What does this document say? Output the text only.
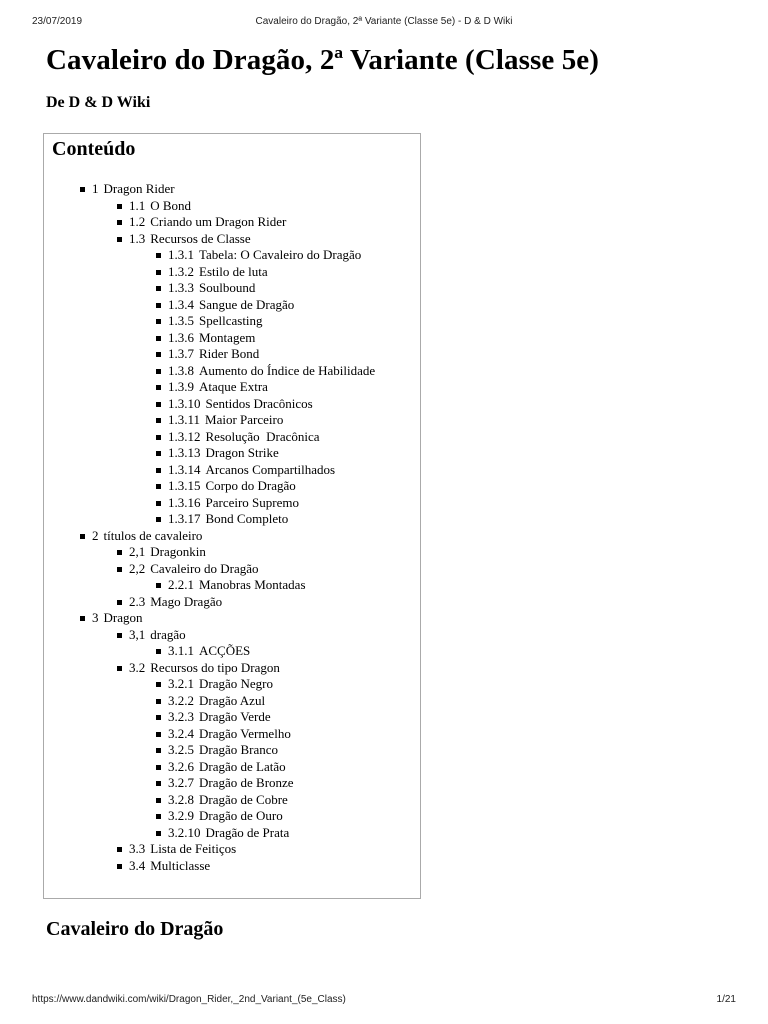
23/07/2019	Cavaleiro do Dragão, 2ª Variante (Classe 5e) - D & D Wiki
Cavaleiro do Dragão, 2ª Variante (Classe 5e)
De D & D Wiki
Conteúdo
1 Dragon Rider
1.1 O Bond
1.2 Criando um Dragon Rider
1.3 Recursos de Classe
1.3.1 Tabela: O Cavaleiro do Dragão
1.3.2 Estilo de luta
1.3.3 Soulbound
1.3.4 Sangue de Dragão
1.3.5 Spellcasting
1.3.6 Montagem
1.3.7 Rider Bond
1.3.8 Aumento do Índice de Habilidade
1.3.9 Ataque Extra
1.3.10 Sentidos Dracônicos
1.3.11 Maior Parceiro
1.3.12 Resolução  Dracônica
1.3.13 Dragon Strike
1.3.14 Arcanos Compartilhados
1.3.15 Corpo do Dragão
1.3.16 Parceiro Supremo
1.3.17 Bond Completo
2 títulos de cavaleiro
2,1 Dragonkin
2,2 Cavaleiro do Dragão
2.2.1 Manobras Montadas
2.3 Mago Dragão
3 Dragon
3,1 dragão
3.1.1 ACÇÕES
3.2 Recursos do tipo Dragon
3.2.1 Dragão Negro
3.2.2 Dragão Azul
3.2.3 Dragão Verde
3.2.4 Dragão Vermelho
3.2.5 Dragão Branco
3.2.6 Dragão de Latão
3.2.7 Dragão de Bronze
3.2.8 Dragão de Cobre
3.2.9 Dragão de Ouro
3.2.10 Dragão de Prata
3.3 Lista de Feitiços
3.4 Multiclasse
Cavaleiro do Dragão
https://www.dandwiki.com/wiki/Dragon_Rider,_2nd_Variant_(5e_Class)	1/21
